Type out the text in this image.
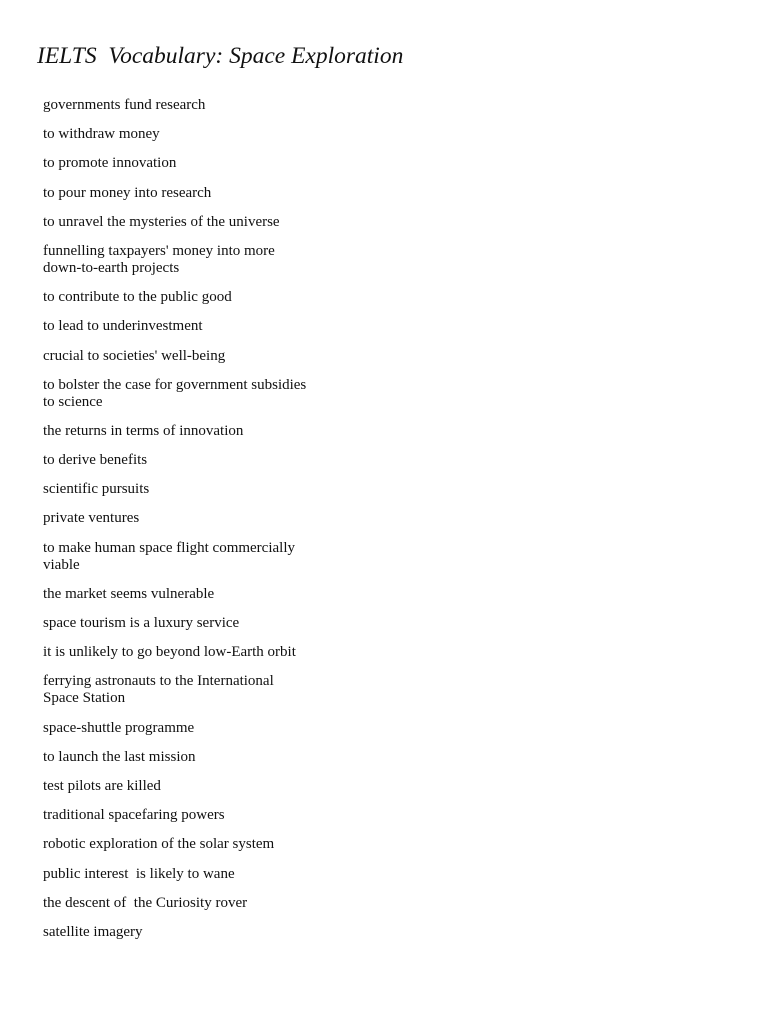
IELTS  Vocabulary: Space Exploration
governments fund research
to withdraw money
to promote innovation
to pour money into research
to unravel the mysteries of the universe
funnelling taxpayers' money into more
down-to-earth projects
to contribute to the public good
to lead to underinvestment
crucial to societies' well-being
to bolster the case for government subsidies
to science
the returns in terms of innovation
to derive benefits
scientific pursuits
private ventures
to make human space flight commercially
viable
the market seems vulnerable
space tourism is a luxury service
it is unlikely to go beyond low-Earth orbit
ferrying astronauts to the International
Space Station
space-shuttle programme
to launch the last mission
test pilots are killed
traditional spacefaring powers
robotic exploration of the solar system
public interest  is likely to wane
the descent of  the Curiosity rover
satellite imagery
